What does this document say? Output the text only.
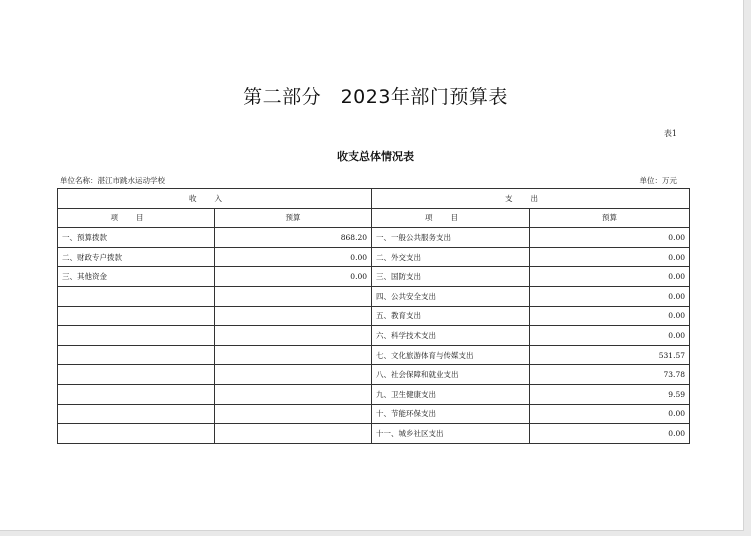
第二部分　2023年部门预算表
表1
收支总体情况表
单位名称：湛江市跳水运动学校	单位：万元
收入		支出	
项目	预算	项目	预算
一、预算拨款	868.20	一、一般公共服务支出	0.00
二、财政专户拨款	0.00	二、外交支出	0.00
三、其他资金	0.00	三、国防支出	0.00
		四、公共安全支出	0.00
		五、教育支出	0.00
		六、科学技术支出	0.00
		七、文化旅游体育与传媒支出	531.57
		八、社会保障和就业支出	73.78
		九、卫生健康支出	9.59
		十、节能环保支出	0.00
		十一、城乡社区支出	0.00
